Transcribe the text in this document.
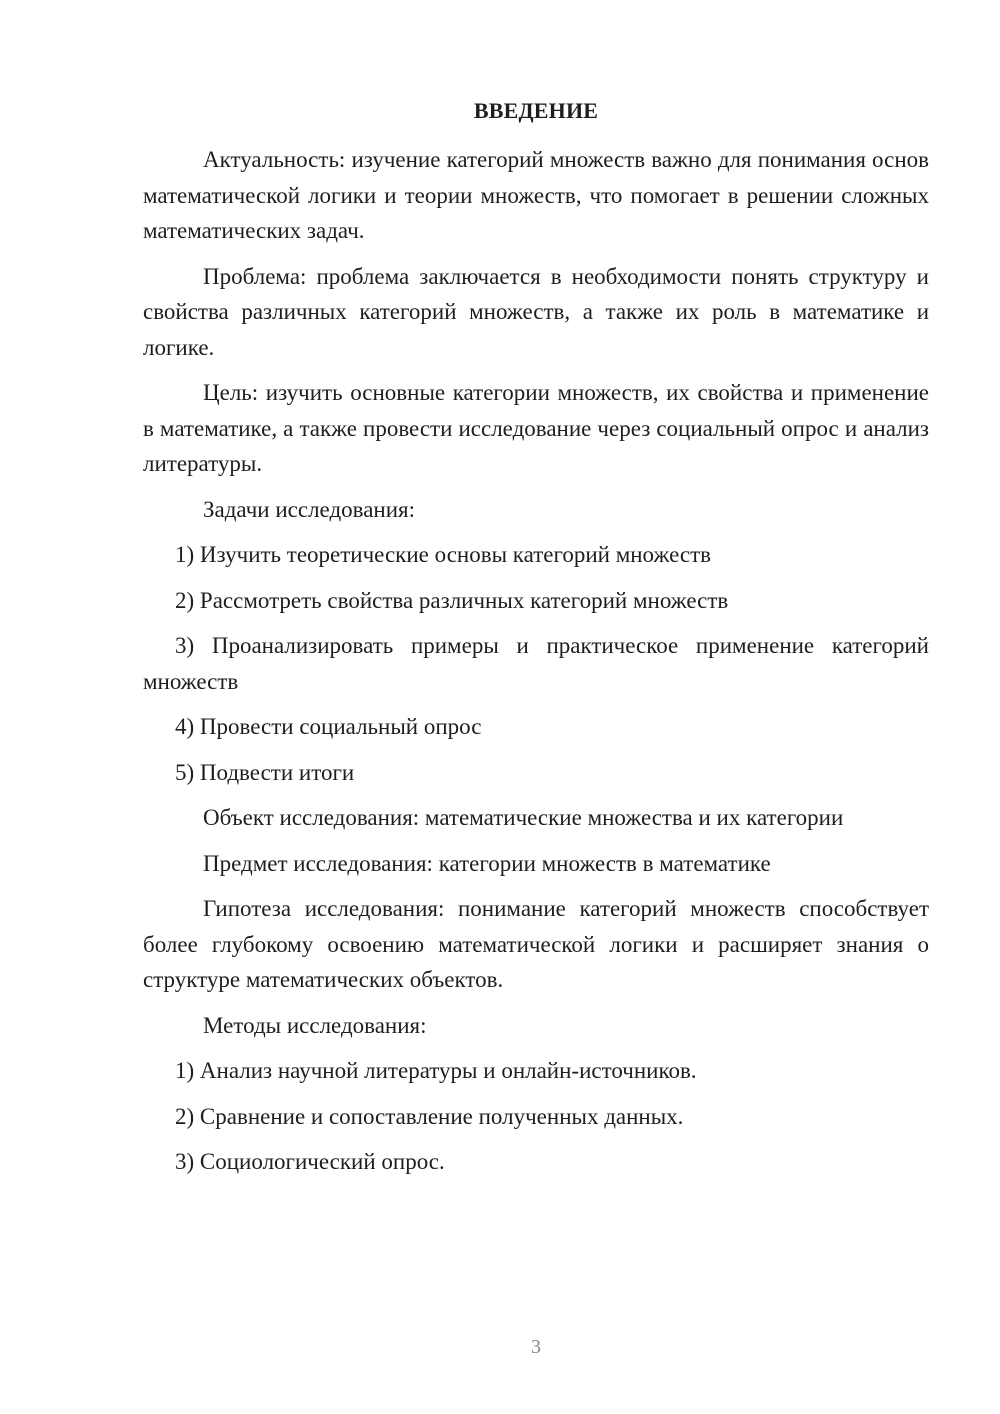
ВВЕДЕНИЕ

Актуальность: изучение категорий множеств важно для понимания основ математической логики и теории множеств, что помогает в решении сложных математических задач.

Проблема: проблема заключается в необходимости понять структуру и свойства различных категорий множеств, а также их роль в математике и логике.

Цель: изучить основные категории множеств, их свойства и применение в математике, а также провести исследование через социальный опрос и анализ литературы.

Задачи исследования:

1) Изучить теоретические основы категорий множеств

2) Рассмотреть свойства различных категорий множеств

3) Проанализировать примеры и практическое применение категорий множеств

4) Провести социальный опрос

5) Подвести итоги

Объект исследования: математические множества и их категории

Предмет исследования: категории множеств в математике

Гипотеза исследования: понимание категорий множеств способствует более глубокому освоению математической логики и расширяет знания о структуре математических объектов.

Методы исследования:

1) Анализ научной литературы и онлайн-источников.

2) Сравнение и сопоставление полученных данных.

3) Социологический опрос.

3
